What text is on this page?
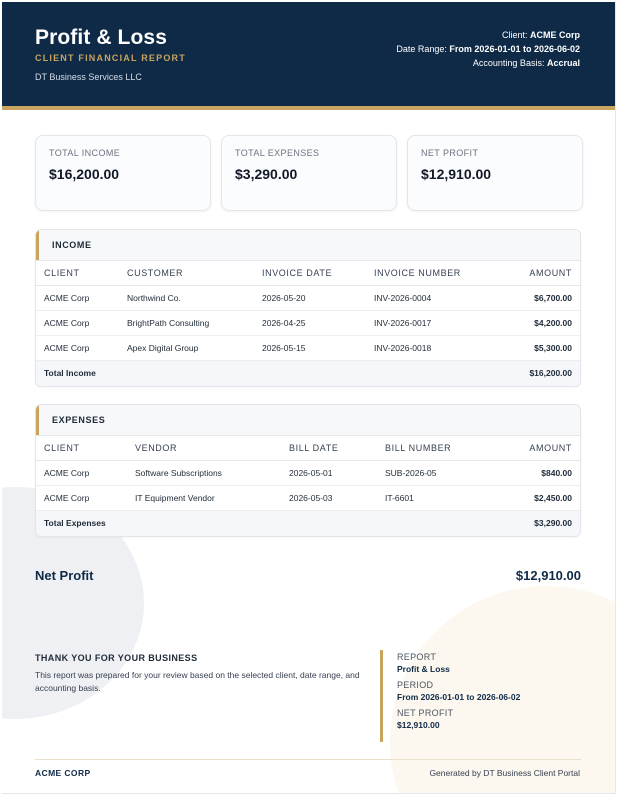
Profit & Loss
CLIENT FINANCIAL REPORT
DT Business Services LLC
Client: ACME Corp
Date Range: From 2026-01-01 to 2026-06-02
Accounting Basis: Accrual
TOTAL INCOME
$16,200.00
TOTAL EXPENSES
$3,290.00
NET PROFIT
$12,910.00
INCOME
CLIENT	CUSTOMER	INVOICE DATE	INVOICE NUMBER	AMOUNT
ACME Corp	Northwind Co.	2026-05-20	INV-2026-0004	$6,700.00
ACME Corp	BrightPath Consulting	2026-04-25	INV-2026-0017	$4,200.00
ACME Corp	Apex Digital Group	2026-05-15	INV-2026-0018	$5,300.00
Total Income				$16,200.00
EXPENSES
CLIENT	VENDOR	BILL DATE	BILL NUMBER	AMOUNT
ACME Corp	Software Subscriptions	2026-05-01	SUB-2026-05	$840.00
ACME Corp	IT Equipment Vendor	2026-05-03	IT-6601	$2,450.00
Total Expenses				$3,290.00
Net Profit	$12,910.00
THANK YOU FOR YOUR BUSINESS
This report was prepared for your review based on the selected client, date range, and accounting basis.
REPORT
Profit & Loss
PERIOD
From 2026-01-01 to 2026-06-02
NET PROFIT
$12,910.00
ACME CORP	Generated by DT Business Client Portal
